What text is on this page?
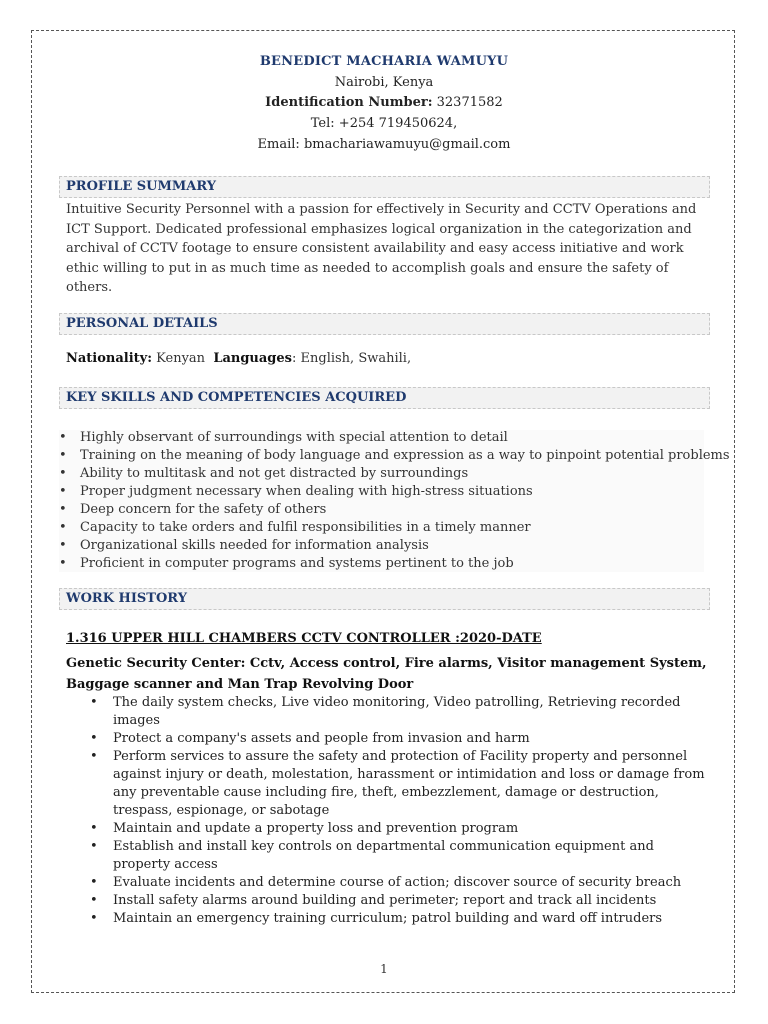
BENEDICT MACHARIA WAMUYU
Nairobi, Kenya
Identification Number: 32371582
Tel: +254 719450624,
Email: bmachariawamuyu@gmail.com
PROFILE SUMMARY
Intuitive Security Personnel with a passion for effectively in Security and CCTV Operations and ICT Support. Dedicated professional emphasizes logical organization in the categorization and archival of CCTV footage to ensure consistent availability and easy access initiative and work ethic willing to put in as much time as needed to accomplish goals and ensure the safety of others.
PERSONAL DETAILS
Nationality: Kenyan Languages: English, Swahili,
KEY SKILLS AND COMPETENCIES ACQUIRED
• Highly observant of surroundings with special attention to detail
• Training on the meaning of body language and expression as a way to pinpoint potential problems
• Ability to multitask and not get distracted by surroundings
• Proper judgment necessary when dealing with high-stress situations
• Deep concern for the safety of others
• Capacity to take orders and fulfil responsibilities in a timely manner
• Organizational skills needed for information analysis
• Proficient in computer programs and systems pertinent to the job
WORK HISTORY
1.316 UPPER HILL CHAMBERS CCTV CONTROLLER :2020-DATE
Genetic Security Center: Cctv, Access control, Fire alarms, Visitor management System, Baggage scanner and Man Trap Revolving Door
• The daily system checks, Live video monitoring, Video patrolling, Retrieving recorded images
• Protect a company's assets and people from invasion and harm
• Perform services to assure the safety and protection of Facility property and personnel against injury or death, molestation, harassment or intimidation and loss or damage from any preventable cause including fire, theft, embezzlement, damage or destruction, trespass, espionage, or sabotage
• Maintain and update a property loss and prevention program
• Establish and install key controls on departmental communication equipment and property access
• Evaluate incidents and determine course of action; discover source of security breach
• Install safety alarms around building and perimeter; report and track all incidents
• Maintain an emergency training curriculum; patrol building and ward off intruders
1
